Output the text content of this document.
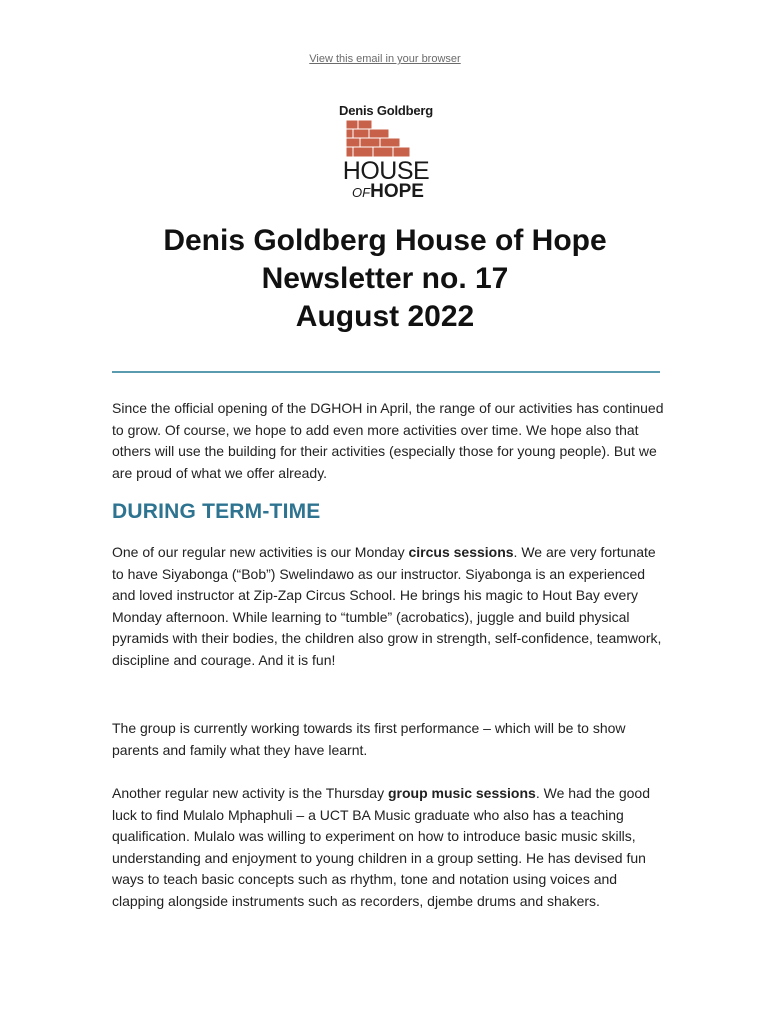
View this email in your browser
Denis Goldberg
HOUSE
OFHOPE
Denis Goldberg House of Hope
Newsletter no. 17
August 2022

Since the official opening of the DGHOH in April, the range of our activities has continued to grow. Of course, we hope to add even more activities over time. We hope also that others will use the building for their activities (especially those for young people). But we are proud of what we offer already.

DURING TERM-TIME

One of our regular new activities is our Monday circus sessions. We are very fortunate to have Siyabonga (“Bob”) Swelindawo as our instructor. Siyabonga is an experienced and loved instructor at Zip-Zap Circus School. He brings his magic to Hout Bay every Monday afternoon. While learning to “tumble” (acrobatics), juggle and build physical pyramids with their bodies, the children also grow in strength, self-confidence, teamwork, discipline and courage. And it is fun!

The group is currently working towards its first performance – which will be to show parents and family what they have learnt.

Another regular new activity is the Thursday group music sessions. We had the good luck to find Mulalo Mphaphuli – a UCT BA Music graduate who also has a teaching qualification. Mulalo was willing to experiment on how to introduce basic music skills, understanding and enjoyment to young children in a group setting. He has devised fun ways to teach basic concepts such as rhythm, tone and notation using voices and clapping alongside instruments such as recorders, djembe drums and shakers.
